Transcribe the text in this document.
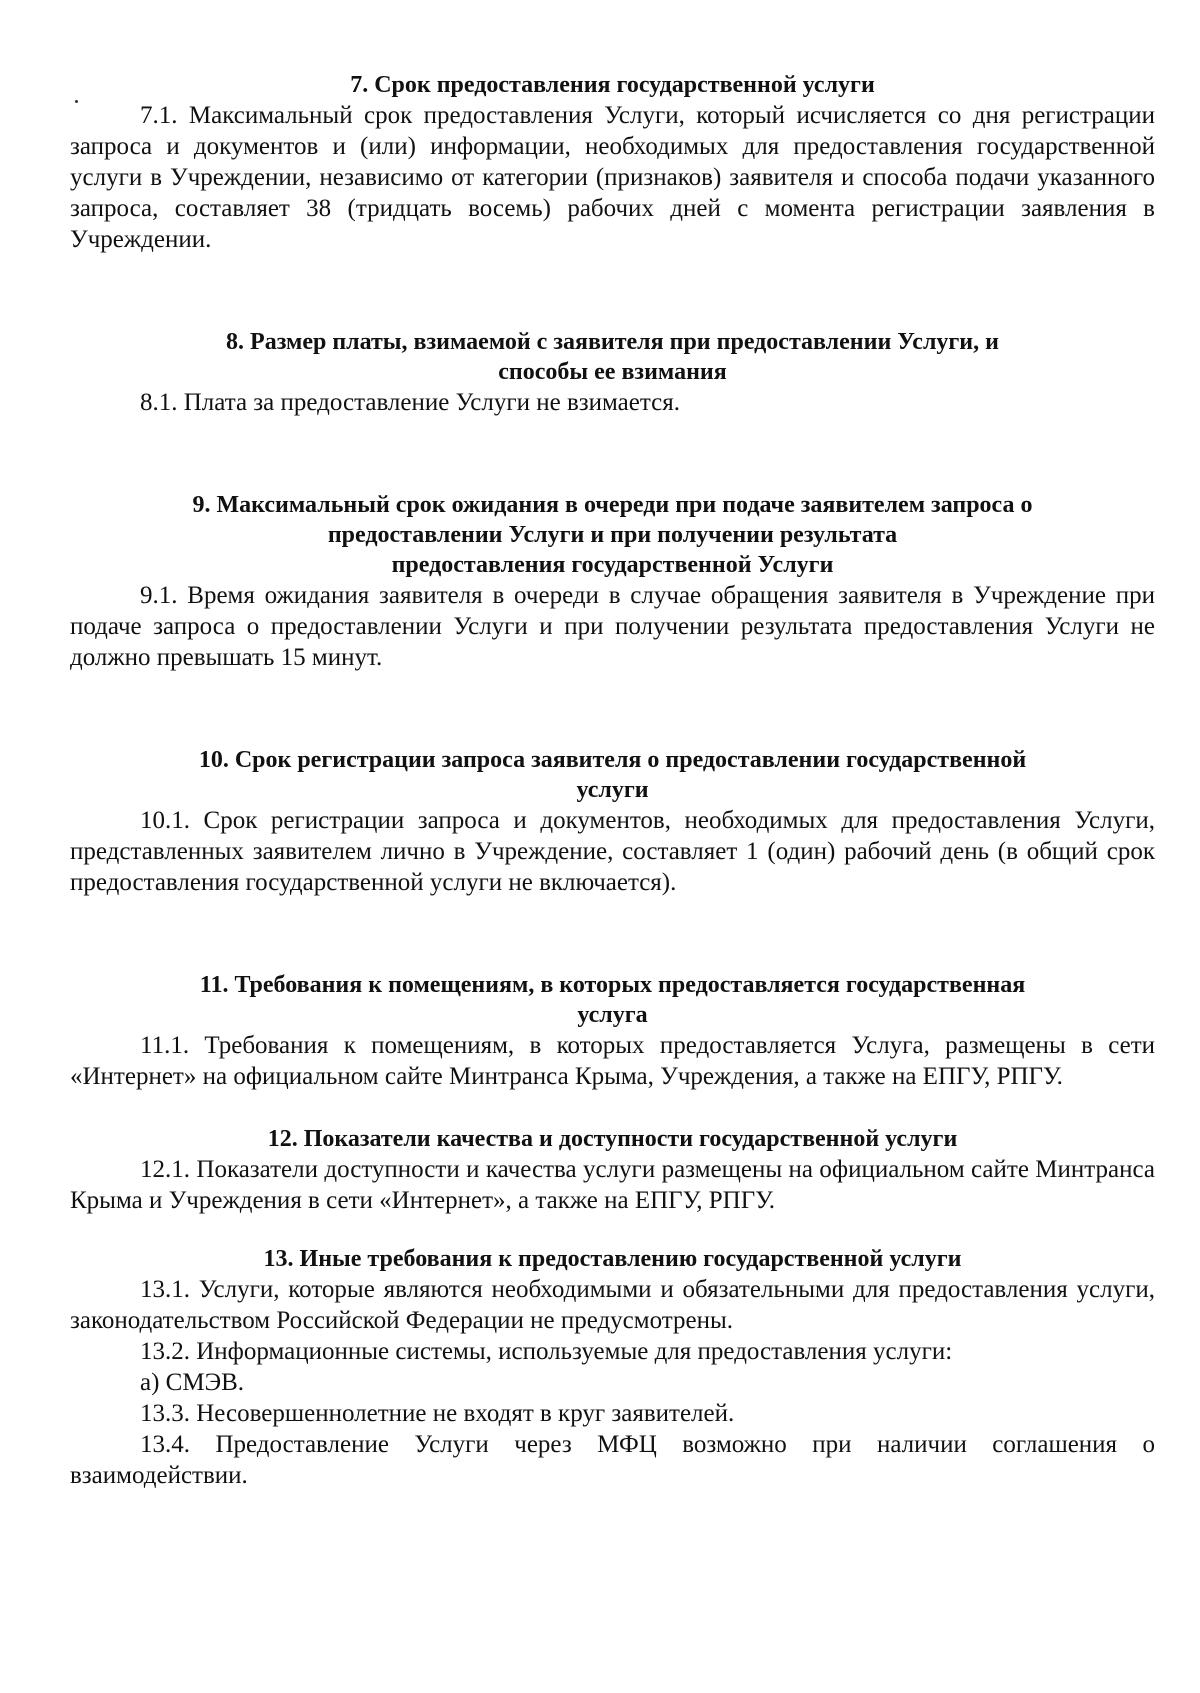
7. Срок предоставления государственной услуги

7.1. Максимальный срок предоставления Услуги, который исчисляется со дня регистрации запроса и документов и (или) информации, необходимых для предоставления государственной услуги в Учреждении, независимо от категории (признаков) заявителя и способа подачи указанного запроса, составляет 38 (тридцать восемь) рабочих дней с момента регистрации заявления в Учреждении.

8. Размер платы, взимаемой с заявителя при предоставлении Услуги, и
способы ее взимания

8.1. Плата за предоставление Услуги не взимается.

9. Максимальный срок ожидания в очереди при подаче заявителем запроса о
предоставлении Услуги и при получении результата
предоставления государственной Услуги

9.1. Время ожидания заявителя в очереди в случае обращения заявителя в Учреждение при подаче запроса о предоставлении Услуги и при получении результата предоставления Услуги не должно превышать 15 минут.

10. Срок регистрации запроса заявителя о предоставлении государственной
услуги

10.1. Срок регистрации запроса и документов, необходимых для предоставления Услуги, представленных заявителем лично в Учреждение, составляет 1 (один) рабочий день (в общий срок предоставления государственной услуги не включается).

11. Требования к помещениям, в которых предоставляется государственная
услуга

11.1. Требования к помещениям, в которых предоставляется Услуга, размещены в сети «Интернет» на официальном сайте Минтранса Крыма, Учреждения, а также на ЕПГУ, РПГУ.

12. Показатели качества и доступности государственной услуги

12.1. Показатели доступности и качества услуги размещены на официальном сайте Минтранса Крыма и Учреждения в сети «Интернет», а также на ЕПГУ, РПГУ.

13. Иные требования к предоставлению государственной услуги

13.1. Услуги, которые являются необходимыми и обязательными для предоставления услуги, законодательством Российской Федерации не предусмотрены.

13.2. Информационные системы, используемые для предоставления услуги:

а) СМЭВ.

13.3. Несовершеннолетние не входят в круг заявителей.

13.4. Предоставление Услуги через МФЦ возможно при наличии соглашения о взаимодействии.
